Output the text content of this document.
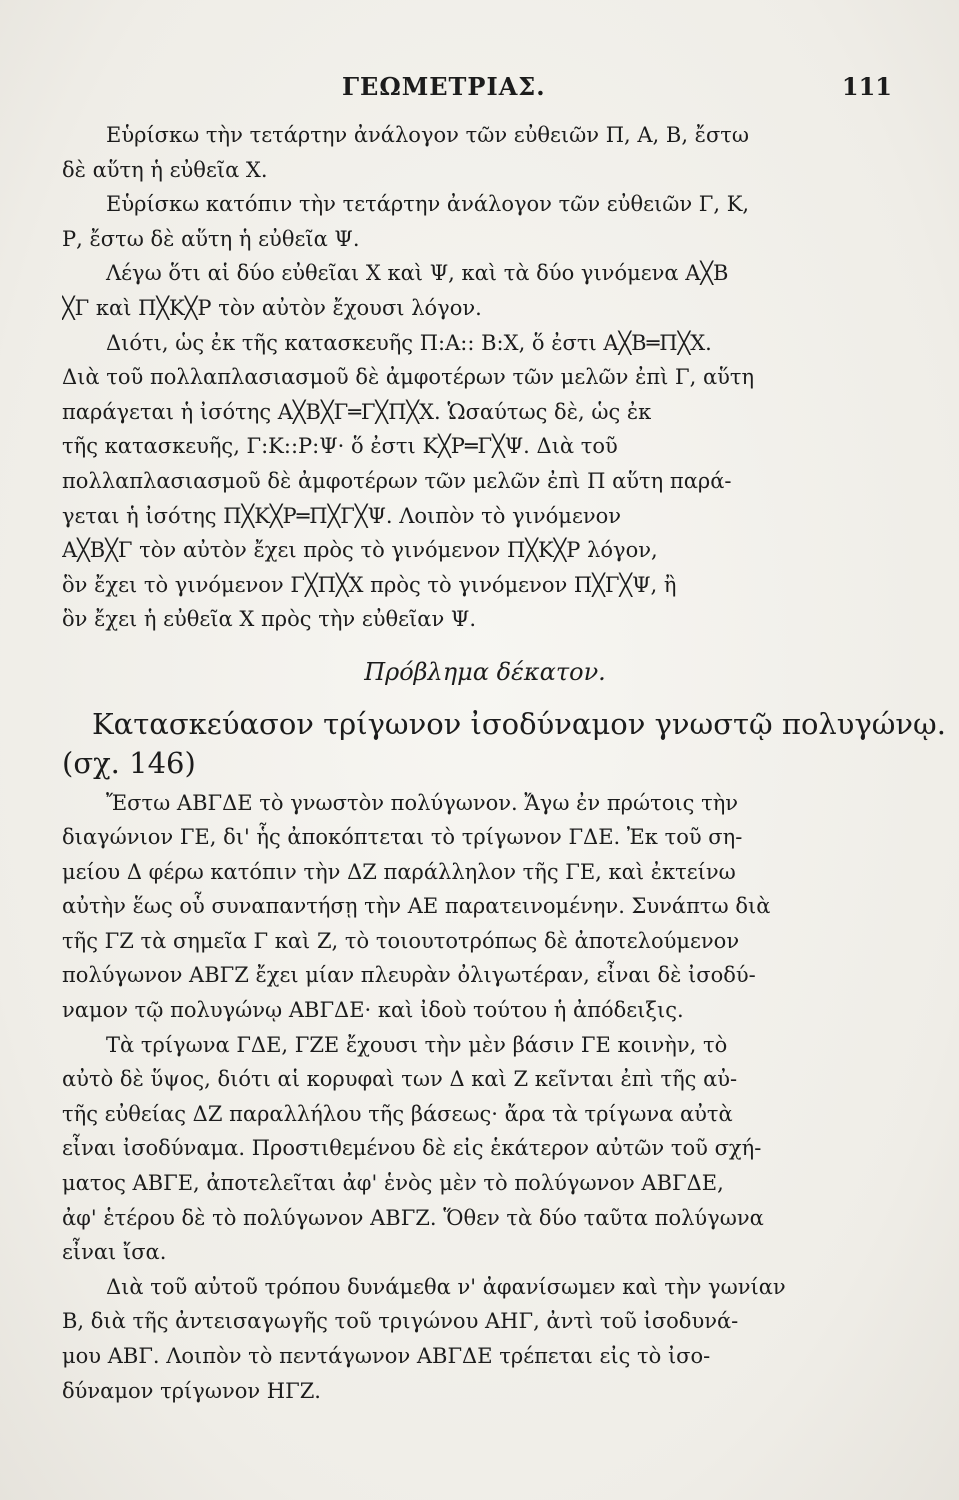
ΓΕΩΜΕΤΡΙΑΣ.	111
Εὑρίσκω τὴν τετάρτην ἀνάλογον τῶν εὐθειῶν Π, Α, Β, ἔστω
δὲ αὕτη ἡ εὐθεῖα Χ.
Εὑρίσκω κατόπιν τὴν τετάρτην ἀνάλογον τῶν εὐθειῶν Γ, Κ,
Ρ, ἔστω δὲ αὕτη ἡ εὐθεῖα Ψ.
Λέγω ὅτι αἱ δύο εὐθεῖαι Χ καὶ Ψ, καὶ τὰ δύο γινόμενα Α╳Β
╳Γ καὶ Π╳Κ╳Ρ τὸν αὐτὸν ἔχουσι λόγον.
Διότι, ὡς ἐκ τῆς κατασκευῆς Π:Α:: Β:Χ, ὅ ἐστι Α╳Β═Π╳Χ.
Διὰ τοῦ πολλαπλασιασμοῦ δὲ ἀμφοτέρων τῶν μελῶν ἐπὶ Γ, αὕτη
παράγεται ἡ ἰσότης Α╳Β╳Γ═Γ╳Π╳Χ. Ὡσαύτως δὲ, ὡς ἐκ
τῆς κατασκευῆς, Γ:Κ::Ρ:Ψ· ὅ ἐστι Κ╳Ρ═Γ╳Ψ. Διὰ τοῦ
πολλαπλασιασμοῦ δὲ ἀμφοτέρων τῶν μελῶν ἐπὶ Π αὕτη παρά-
γεται ἡ ἰσότης Π╳Κ╳Ρ═Π╳Γ╳Ψ. Λοιπὸν τὸ γινόμενον
Α╳Β╳Γ τὸν αὐτὸν ἔχει πρὸς τὸ γινόμενον Π╳Κ╳Ρ λόγον,
ὃν ἔχει τὸ γινόμενον Γ╳Π╳Χ πρὸς τὸ γινόμενον Π╳Γ╳Ψ, ἢ
ὃν ἔχει ἡ εὐθεῖα Χ πρὸς τὴν εὐθεῖαν Ψ.
Πρόβλημα δέκατον.
Κατασκεύασον τρίγωνον ἰσοδύναμον γνωστῷ πολυγώνῳ.
(σχ. 146)
Ἔστω ΑΒΓΔΕ τὸ γνωστὸν πολύγωνον. Ἄγω ἐν πρώτοις τὴν
διαγώνιον ΓΕ, δι' ἧς ἀποκόπτεται τὸ τρίγωνον ΓΔΕ. Ἐκ τοῦ ση-
μείου Δ φέρω κατόπιν τὴν ΔΖ παράλληλον τῆς ΓΕ, καὶ ἐκτείνω
αὐτὴν ἕως οὗ συναπαντήσῃ τὴν ΑΕ παρατεινομένην. Συνάπτω διὰ
τῆς ΓΖ τὰ σημεῖα Γ καὶ Ζ, τὸ τοιουτοτρόπως δὲ ἀποτελούμενον
πολύγωνον ΑΒΓΖ ἔχει μίαν πλευρὰν ὀλιγωτέραν, εἶναι δὲ ἰσοδύ-
ναμον τῷ πολυγώνῳ ΑΒΓΔΕ· καὶ ἰδοὺ τούτου ἡ ἀπόδειξις.
Τὰ τρίγωνα ΓΔΕ, ΓΖΕ ἔχουσι τὴν μὲν βάσιν ΓΕ κοινὴν, τὸ
αὐτὸ δὲ ὕψος, διότι αἱ κορυφαὶ των Δ καὶ Ζ κεῖνται ἐπὶ τῆς αὐ-
τῆς εὐθείας ΔΖ παραλλήλου τῆς βάσεως· ἄρα τὰ τρίγωνα αὐτὰ
εἶναι ἰσοδύναμα. Προστιθεμένου δὲ εἰς ἑκάτερον αὐτῶν τοῦ σχή-
ματος ΑΒΓΕ, ἀποτελεῖται ἀφ' ἑνὸς μὲν τὸ πολύγωνον ΑΒΓΔΕ,
ἀφ' ἑτέρου δὲ τὸ πολύγωνον ΑΒΓΖ. Ὅθεν τὰ δύο ταῦτα πολύγωνα
εἶναι ἴσα.
Διὰ τοῦ αὐτοῦ τρόπου δυνάμεθα ν' ἀφανίσωμεν καὶ τὴν γωνίαν
Β, διὰ τῆς ἀντεισαγωγῆς τοῦ τριγώνου ΑΗΓ, ἀντὶ τοῦ ἰσοδυνά-
μου ΑΒΓ. Λοιπὸν τὸ πεντάγωνον ΑΒΓΔΕ τρέπεται εἰς τὸ ἰσο-
δύναμον τρίγωνον ΗΓΖ.
